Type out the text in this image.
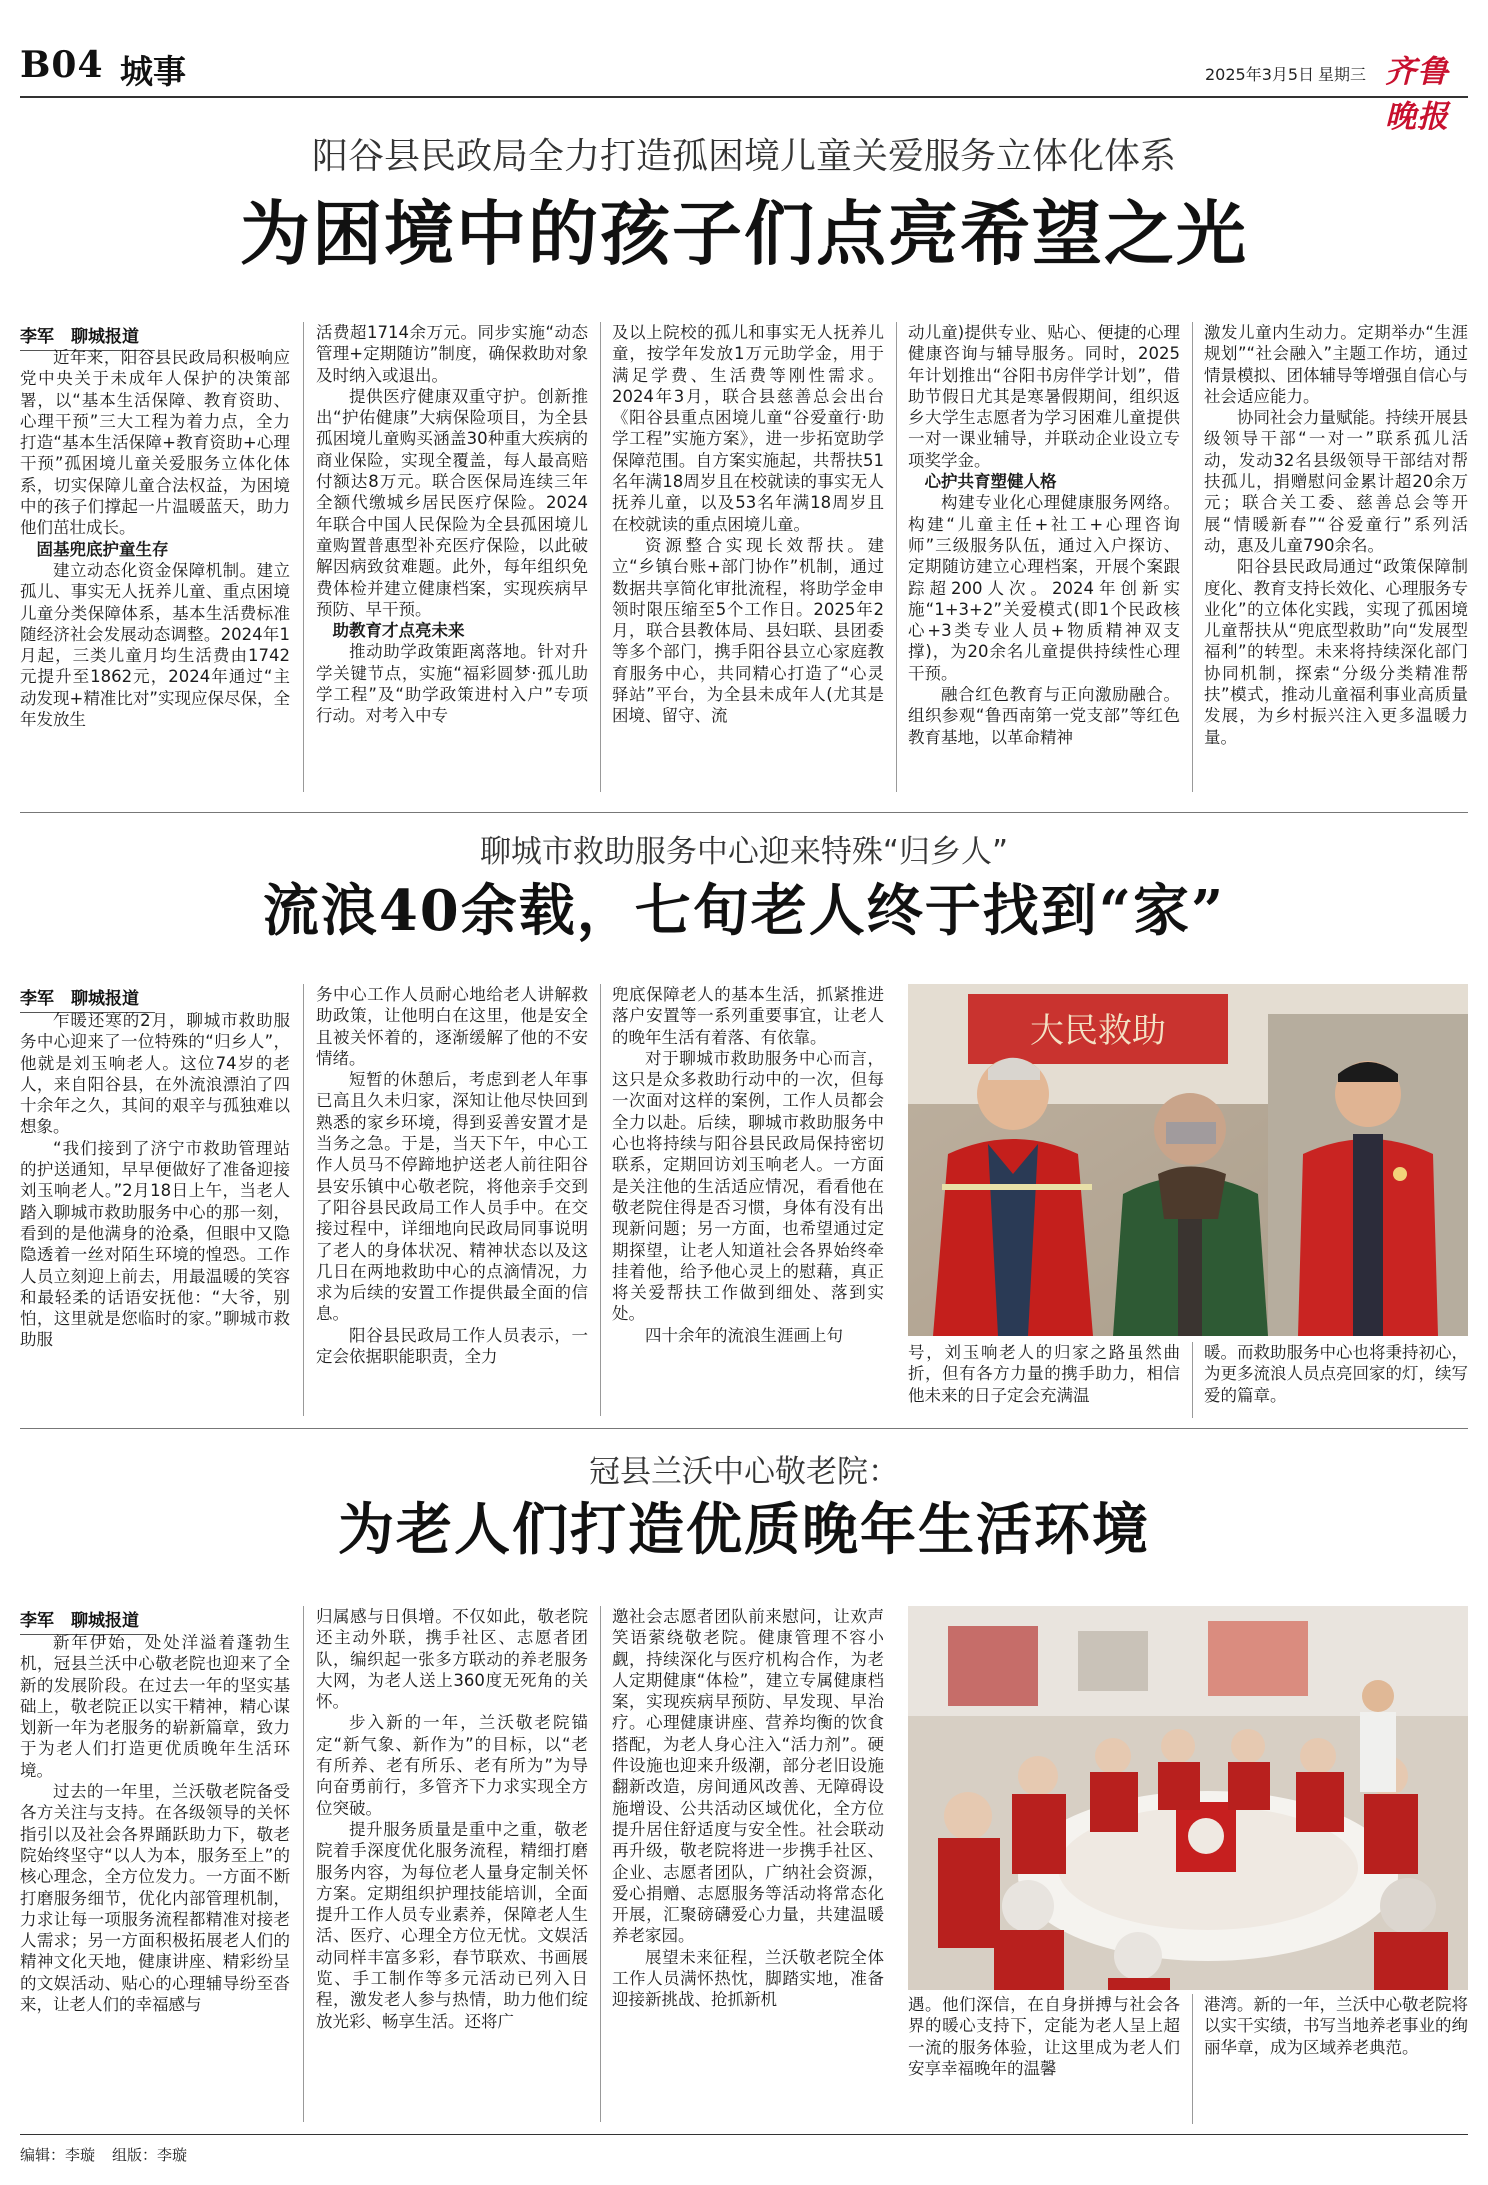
B04 城事	2025年3月5日 星期三 齐鲁晚报
阳谷县民政局全力打造孤困境儿童关爱服务立体化体系
为困境中的孩子们点亮希望之光
李军　聊城报道

近年来，阳谷县民政局积极响应党中央关于未成年人保护的决策部署，以“基本生活保障、教育资助、心理干预”三大工程为着力点，全力打造“基本生活保障+教育资助+心理干预”孤困境儿童关爱服务立体化体系，切实保障儿童合法权益，为困境中的孩子们撑起一片温暖蓝天，助力他们茁壮成长。

固基兜底护童生存

建立动态化资金保障机制。建立孤儿、事实无人抚养儿童、重点困境儿童分类保障体系，基本生活费标准随经济社会发展动态调整。2024年1月起，三类儿童月均生活费由1742元提升至1862元，2024年通过“主动发现+精准比对”实现应保尽保，全年发放生

活费超1714余万元。同步实施“动态管理+定期随访”制度，确保救助对象及时纳入或退出。

提供医疗健康双重守护。创新推出“护佑健康”大病保险项目，为全县孤困境儿童购买涵盖30种重大疾病的商业保险，实现全覆盖，每人最高赔付额达8万元。联合医保局连续三年全额代缴城乡居民医疗保险。2024年联合中国人民保险为全县孤困境儿童购置普惠型补充医疗保险，以此破解因病致贫难题。此外，每年组织免费体检并建立健康档案，实现疾病早预防、早干预。

助教育才点亮未来

推动助学政策距离落地。针对升学关键节点，实施“福彩圆梦·孤儿助学工程”及“助学政策进村入户”专项行动。对考入中专

及以上院校的孤儿和事实无人抚养儿童，按学年发放1万元助学金，用于满足学费、生活费等刚性需求。2024年3月，联合县慈善总会出台《阳谷县重点困境儿童“谷爱童行·助学工程”实施方案》，进一步拓宽助学保障范围。自方案实施起，共帮扶51名年满18周岁且在校就读的事实无人抚养儿童，以及53名年满18周岁且在校就读的重点困境儿童。

资源整合实现长效帮扶。建立“乡镇台账+部门协作”机制，通过数据共享简化审批流程，将助学金申领时限压缩至5个工作日。2025年2月，联合县教体局、县妇联、县团委等多个部门，携手阳谷县立心家庭教育服务中心，共同精心打造了“心灵驿站”平台，为全县未成年人(尤其是困境、留守、流

动儿童)提供专业、贴心、便捷的心理健康咨询与辅导服务。同时，2025年计划推出“谷阳书房伴学计划”，借助节假日尤其是寒暑假期间，组织返乡大学生志愿者为学习困难儿童提供一对一课业辅导，并联动企业设立专项奖学金。

心护共育塑健人格

构建专业化心理健康服务网络。构建“儿童主任+社工+心理咨询师”三级服务队伍，通过入户探访、定期随访建立心理档案，开展个案跟踪超200人次。2024年创新实施“1+3+2”关爱模式(即1个民政核心+3类专业人员+物质精神双支撑)，为20余名儿童提供持续性心理干预。

融合红色教育与正向激励融合。组织参观“鲁西南第一党支部”等红色教育基地，以革命精神

激发儿童内生动力。定期举办“生涯规划”“社会融入”主题工作坊，通过情景模拟、团体辅导等增强自信心与社会适应能力。

协同社会力量赋能。持续开展县级领导干部“一对一”联系孤儿活动，发动32名县级领导干部结对帮扶孤儿，捐赠慰问金累计超20余万元；联合关工委、慈善总会等开展“情暖新春”“谷爱童行”系列活动，惠及儿童790余名。

阳谷县民政局通过“政策保障制度化、教育支持长效化、心理服务专业化”的立体化实践，实现了孤困境儿童帮扶从“兜底型救助”向“发展型福利”的转型。未来将持续深化部门协同机制，探索“分级分类精准帮扶”模式，推动儿童福利事业高质量发展，为乡村振兴注入更多温暖力量。

聊城市救助服务中心迎来特殊“归乡人”
流浪40余载，七旬老人终于找到“家”
李军　聊城报道

乍暖还寒的2月，聊城市救助服务中心迎来了一位特殊的“归乡人”，他就是刘玉响老人。这位74岁的老人，来自阳谷县，在外流浪漂泊了四十余年之久，其间的艰辛与孤独难以想象。

“我们接到了济宁市救助管理站的护送通知，早早便做好了准备迎接刘玉响老人。”2月18日上午，当老人踏入聊城市救助服务中心的那一刻，看到的是他满身的沧桑，但眼中又隐隐透着一丝对陌生环境的惶恐。工作人员立刻迎上前去，用最温暖的笑容和最轻柔的话语安抚他：“大爷，别怕，这里就是您临时的家。”聊城市救助服

务中心工作人员耐心地给老人讲解救助政策，让他明白在这里，他是安全且被关怀着的，逐渐缓解了他的不安情绪。

短暂的休憩后，考虑到老人年事已高且久未归家，深知让他尽快回到熟悉的家乡环境，得到妥善安置才是当务之急。于是，当天下午，中心工作人员马不停蹄地护送老人前往阳谷县安乐镇中心敬老院，将他亲手交到了阳谷县民政局工作人员手中。在交接过程中，详细地向民政局同事说明了老人的身体状况、精神状态以及这几日在两地救助中心的点滴情况，力求为后续的安置工作提供最全面的信息。

阳谷县民政局工作人员表示，一定会依据职能职责，全力

兜底保障老人的基本生活，抓紧推进落户安置等一系列重要事宜，让老人的晚年生活有着落、有依靠。

对于聊城市救助服务中心而言，这只是众多救助行动中的一次，但每一次面对这样的案例，工作人员都会全力以赴。后续，聊城市救助服务中心也将持续与阳谷县民政局保持密切联系，定期回访刘玉响老人。一方面是关注他的生活适应情况，看看他在敬老院住得是否习惯，身体有没有出现新问题；另一方面，也希望通过定期探望，让老人知道社会各界始终牵挂着他，给予他心灵上的慰藉，真正将关爱帮扶工作做到细处、落到实处。

四十余年的流浪生涯画上句

大民救助

号，刘玉响老人的归家之路虽然曲折，但有各方力量的携手助力，相信他未来的日子定会充满温

暖。而救助服务中心也将秉持初心，为更多流浪人员点亮回家的灯，续写爱的篇章。

冠县兰沃中心敬老院：
为老人们打造优质晚年生活环境
李军　聊城报道

新年伊始，处处洋溢着蓬勃生机，冠县兰沃中心敬老院也迎来了全新的发展阶段。在过去一年的坚实基础上，敬老院正以实干精神，精心谋划新一年为老服务的崭新篇章，致力于为老人们打造更优质晚年生活环境。

过去的一年里，兰沃敬老院备受各方关注与支持。在各级领导的关怀指引以及社会各界踊跃助力下，敬老院始终坚守“以人为本，服务至上”的核心理念，全方位发力。一方面不断打磨服务细节，优化内部管理机制，力求让每一项服务流程都精准对接老人需求；另一方面积极拓展老人们的精神文化天地，健康讲座、精彩纷呈的文娱活动、贴心的心理辅导纷至沓来，让老人们的幸福感与

归属感与日俱增。不仅如此，敬老院还主动外联，携手社区、志愿者团队，编织起一张多方联动的养老服务大网，为老人送上360度无死角的关怀。

步入新的一年，兰沃敬老院锚定“新气象、新作为”的目标，以“老有所养、老有所乐、老有所为”为导向奋勇前行，多管齐下力求实现全方位突破。

提升服务质量是重中之重，敬老院着手深度优化服务流程，精细打磨服务内容，为每位老人量身定制关怀方案。定期组织护理技能培训，全面提升工作人员专业素养，保障老人生活、医疗、心理全方位无忧。文娱活动同样丰富多彩，春节联欢、书画展览、手工制作等多元活动已列入日程，激发老人参与热情，助力他们绽放光彩、畅享生活。还将广

邀社会志愿者团队前来慰问，让欢声笑语萦绕敬老院。健康管理不容小觑，持续深化与医疗机构合作，为老人定期健康“体检”，建立专属健康档案，实现疾病早预防、早发现、早治疗。心理健康讲座、营养均衡的饮食搭配，为老人身心注入“活力剂”。硬件设施也迎来升级潮，部分老旧设施翻新改造，房间通风改善、无障碍设施增设、公共活动区域优化，全方位提升居住舒适度与安全性。社会联动再升级，敬老院将进一步携手社区、企业、志愿者团队，广纳社会资源，爱心捐赠、志愿服务等活动将常态化开展，汇聚磅礴爱心力量，共建温暖养老家园。

展望未来征程，兰沃敬老院全体工作人员满怀热忱，脚踏实地，准备迎接新挑战、抢抓新机	遇。他们深信，在自身拼搏与社会各界的暖心支持下，定能为老人呈上超一流的服务体验，让这里成为老人们安享幸福晚年的温馨

港湾。新的一年，兰沃中心敬老院将以实干实绩，书写当地养老事业的绚丽华章，成为区域养老典范。

编辑：李璇 组版：李璇
